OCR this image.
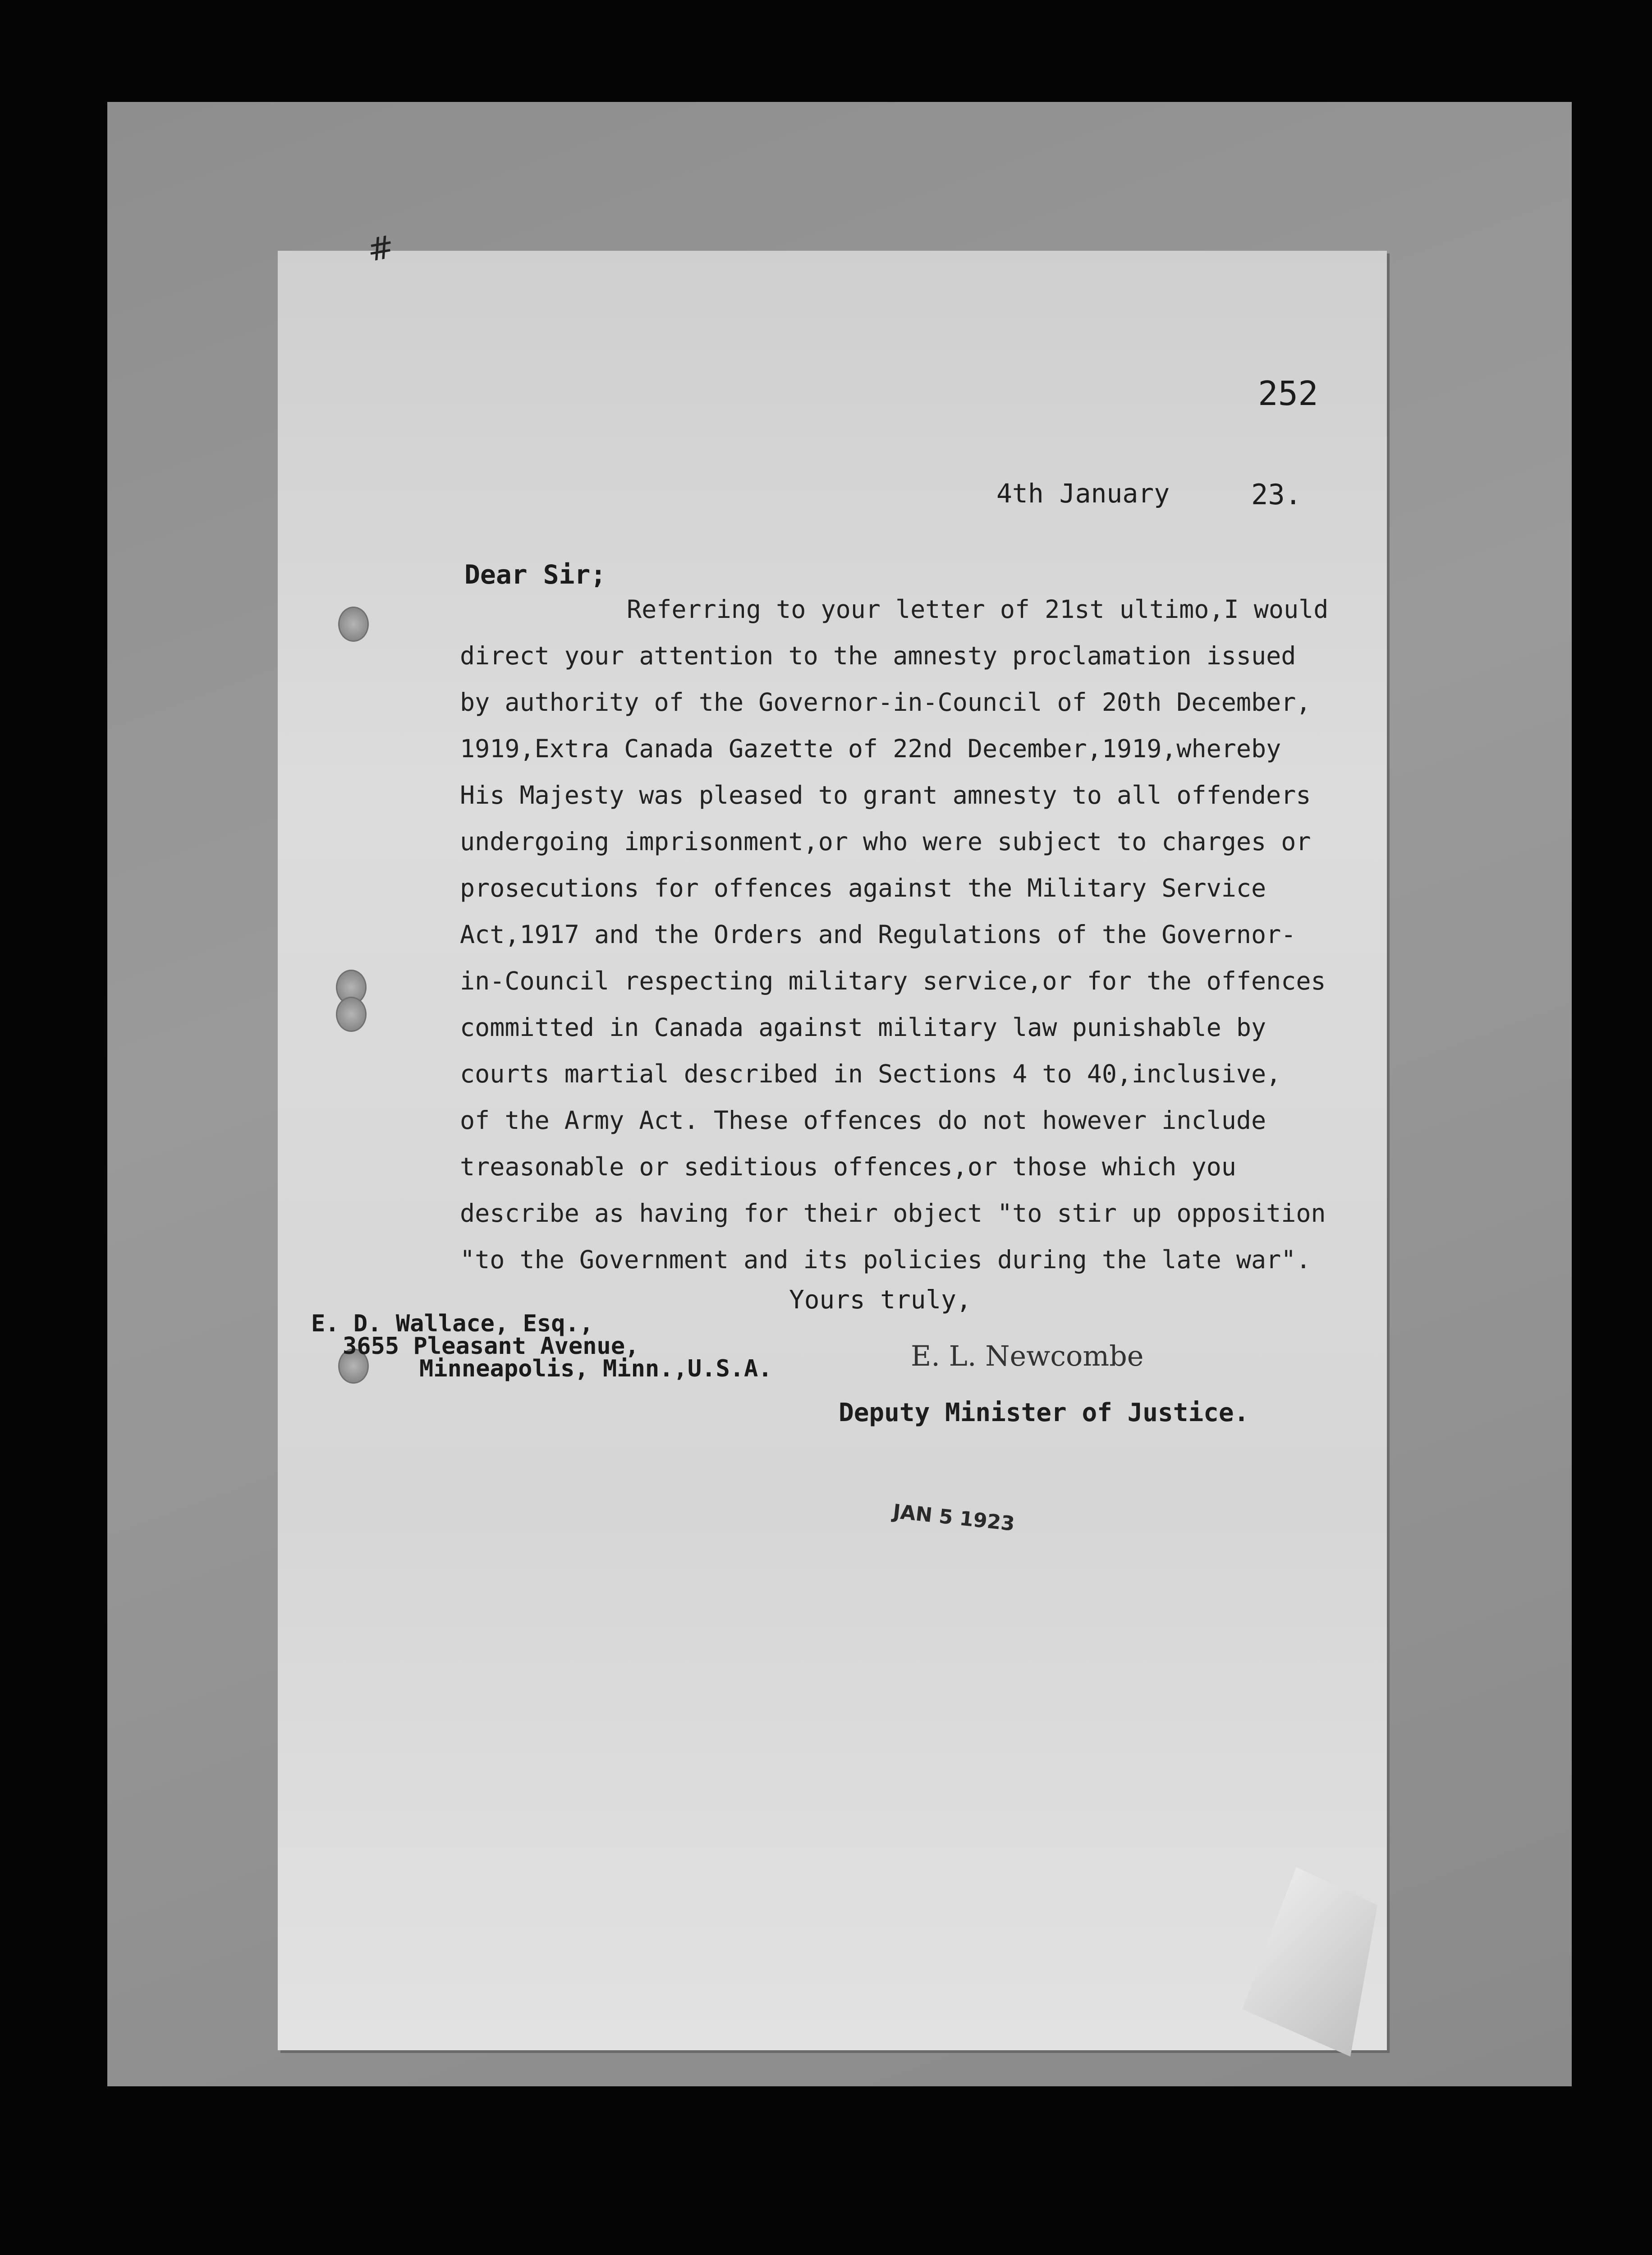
#
252
4th January	23.
Dear Sir;
Referring to your letter of 21st ultimo,I would
direct your attention to the amnesty proclamation issued
by authority of the Governor-in-Council of 20th December,
1919,Extra Canada Gazette of 22nd December,1919,whereby
His Majesty was pleased to grant amnesty to all offenders
undergoing imprisonment,or who were subject to charges or
prosecutions for offences against the Military Service
Act,1917 and the Orders and Regulations of the Governor-
in-Council respecting military service,or for the offences
committed in Canada against military law punishable by
courts martial described in Sections 4 to 40,inclusive,
of the Army Act. These offences do not however include
treasonable or seditious offences,or those which you
describe as having for their object "to stir up opposition
"to the Government and its policies during the late war".
Yours truly,
E. D. Wallace, Esq.,
3655 Pleasant Avenue,
Minneapolis, Minn.,U.S.A.	E. L. Newcombe
Deputy Minister of Justice.
JAN 5 1923
